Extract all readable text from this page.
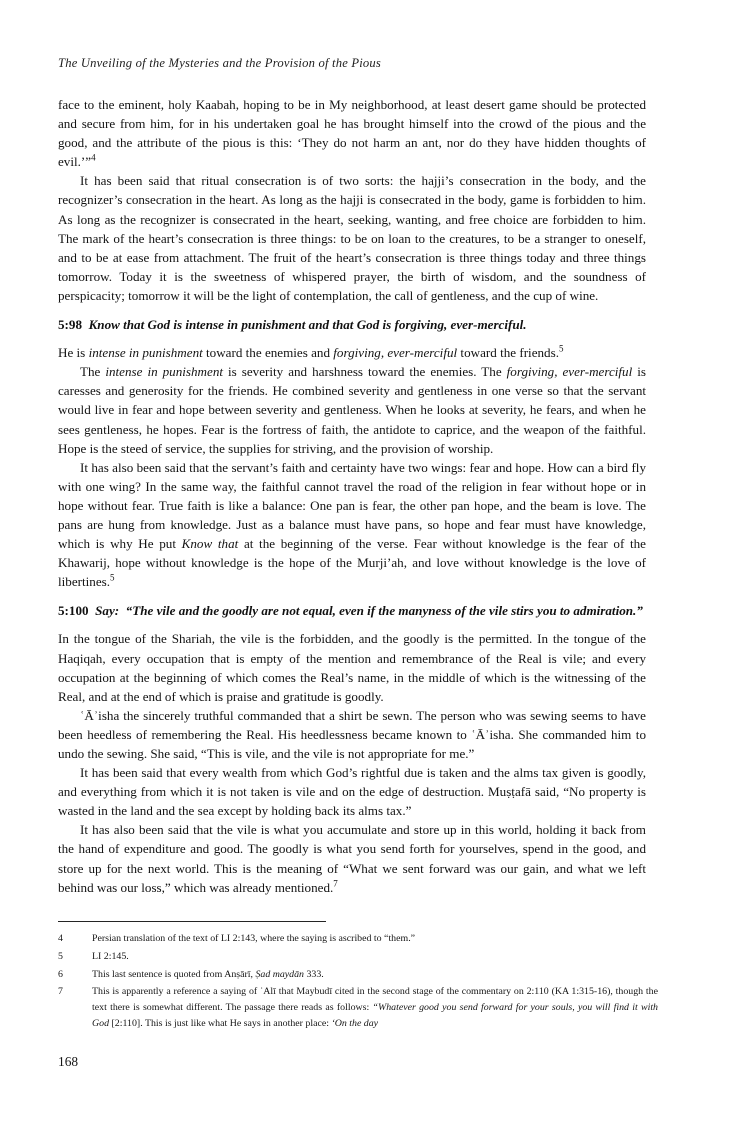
The Unveiling of the Mysteries and the Provision of the Pious

face to the eminent, holy Kaabah, hoping to be in My neighborhood, at least desert game should be protected and secure from him, for in his undertaken goal he has brought himself into the crowd of the pious and the good, and the attribute of the pious is this: ‘They do not harm an ant, nor do they have hidden thoughts of evil.’”$^4$

It has been said that ritual consecration is of two sorts: the hajji’s consecration in the body, and the recognizer’s consecration in the heart. As long as the hajji is consecrated in the body, game is forbidden to him. As long as the recognizer is consecrated in the heart, seeking, wanting, and free choice are forbidden to him. The mark of the heart’s consecration is three things: to be on loan to the creatures, to be a stranger to oneself, and to be at ease from attachment. The fruit of the heart’s consecration is three things today and three things tomorrow. Today it is the sweetness of whispered prayer, the birth of wisdom, and the soundness of perspicacity; tomorrow it will be the light of contemplation, the call of gentleness, and the cup of wine.

5:98 Know that God is intense in punishment and that God is forgiving, ever-merciful.

He is intense in punishment toward the enemies and forgiving, ever-merciful toward the friends.$^5$

The intense in punishment is severity and harshness toward the enemies. The forgiving, ever-merciful is caresses and generosity for the friends. He combined severity and gentleness in one verse so that the servant would live in fear and hope between severity and gentleness. When he looks at severity, he fears, and when he sees gentleness, he hopes. Fear is the fortress of faith, the antidote to caprice, and the weapon of the faithful. Hope is the steed of service, the supplies for striving, and the provision of worship.

It has also been said that the servant’s faith and certainty have two wings: fear and hope. How can a bird fly with one wing? In the same way, the faithful cannot travel the road of the religion in fear without hope or in hope without fear. True faith is like a balance: One pan is fear, the other pan hope, and the beam is love. The pans are hung from knowledge. Just as a balance must have pans, so hope and fear must have knowledge, which is why He put Know that at the beginning of the verse. Fear without knowledge is the fear of the Khawarij, hope without knowledge is the hope of the Murji’ah, and love without knowledge is the love of libertines.$^5$

5:100 Say: “The vile and the goodly are not equal, even if the manyness of the vile stirs you to admiration.”

In the tongue of the Shariah, the vile is the forbidden, and the goodly is the permitted. In the tongue of the Haqiqah, every occupation that is empty of the mention and remembrance of the Real is vile; and every occupation at the beginning of which comes the Real’s name, in the middle of which is the witnessing of the Real, and at the end of which is praise and gratitude is goodly.

ʿĀʾisha the sincerely truthful commanded that a shirt be sewn. The person who was sewing seems to have been heedless of remembering the Real. His heedlessness became known to ʿĀʾisha. She commanded him to undo the sewing. She said, “This is vile, and the vile is not appropriate for me.”

It has been said that every wealth from which God’s rightful due is taken and the alms tax given is goodly, and everything from which it is not taken is vile and on the edge of destruction. Muṣṭafā said, “No property is wasted in the land and the sea except by holding back its alms tax.”

It has also been said that the vile is what you accumulate and store up in this world, holding it back from the hand of expenditure and good. The goodly is what you send forth for yourselves, spend in the good, and store up for the next world. This is the meaning of “What we sent forward was our gain, and what we left behind was our loss,” which was already mentioned.$^7$

4	Persian translation of the text of LI 2:143, where the saying is ascribed to “them.”
5	LI 2:145.
6	This last sentence is quoted from Anṣārī, Ṣad maydān 333.
7	This is apparently a reference a saying of ʿAlī that Maybudī cited in the second stage of the commentary on 2:110 (KA 1:315-16), though the text there is somewhat different. The passage there reads as follows: “Whatever good you send forward for your souls, you will find it with God [2:110]. This is just like what He says in another place: ‘On the day
168
